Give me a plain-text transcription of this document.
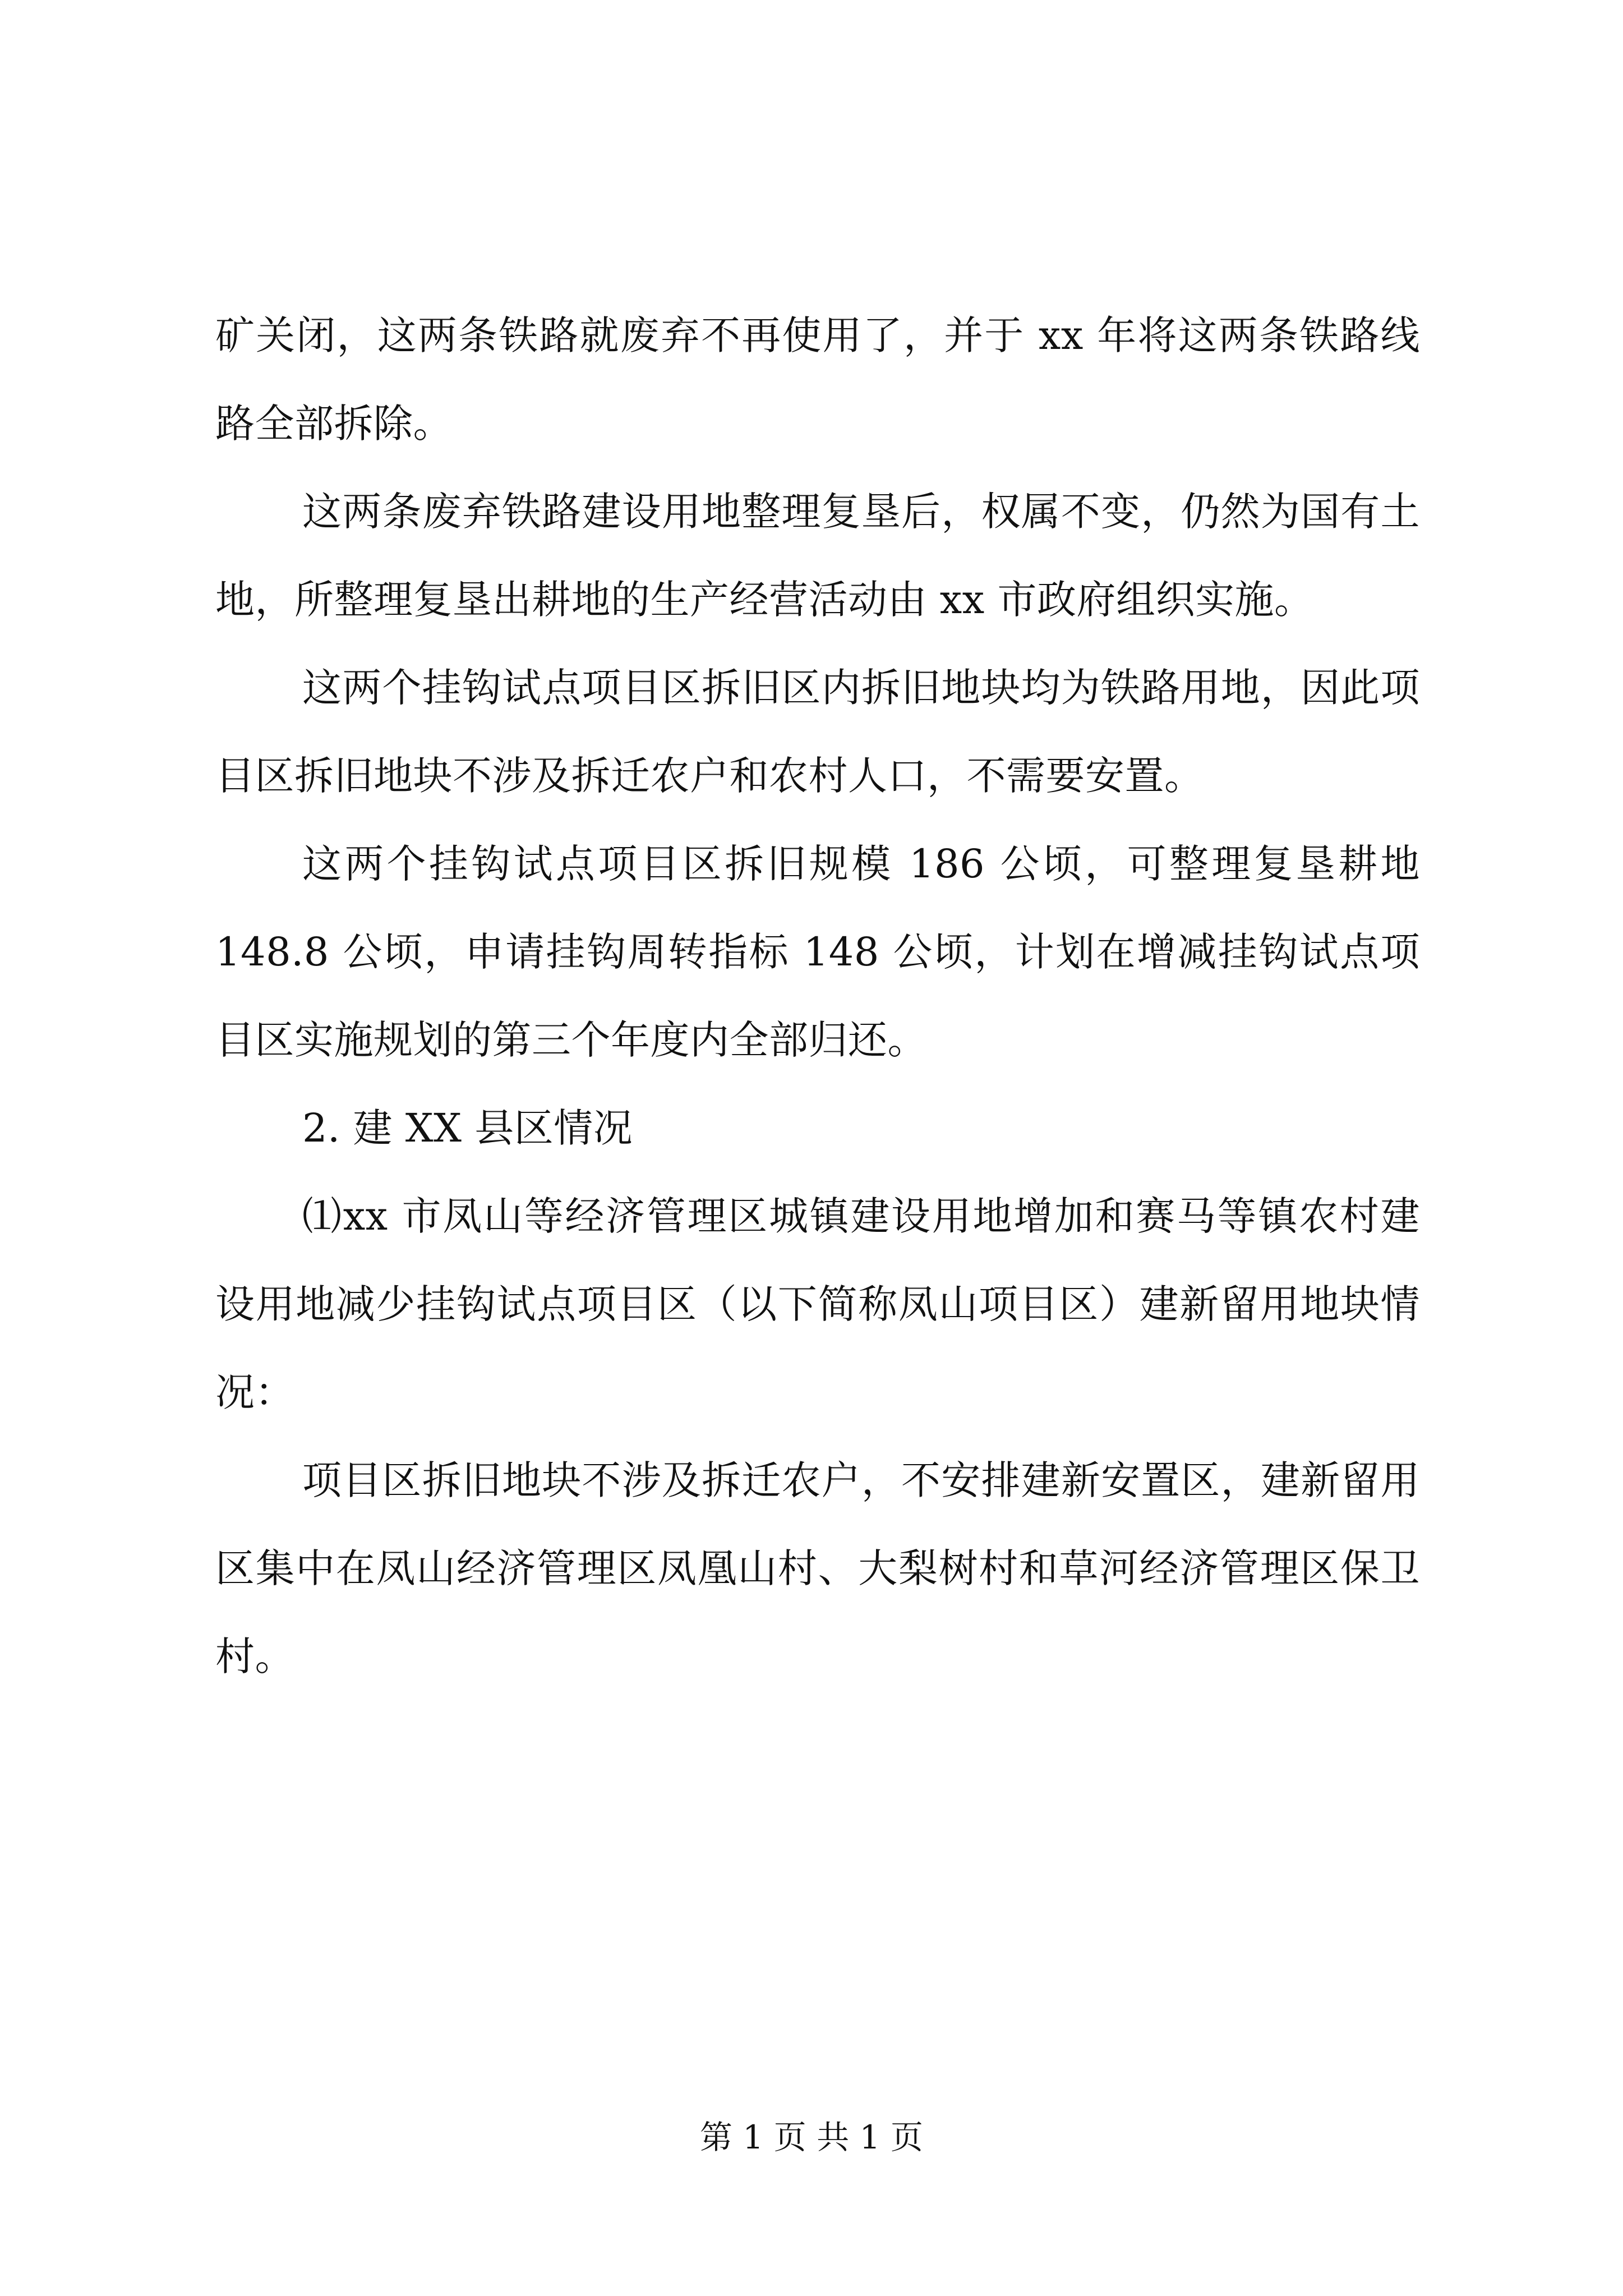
矿关闭，这两条铁路就废弃不再使用了，并于 xx 年将这两条铁路线路全部拆除。

这两条废弃铁路建设用地整理复垦后，权属不变，仍然为国有土地，所整理复垦出耕地的生产经营活动由 xx 市政府组织实施。

这两个挂钩试点项目区拆旧区内拆旧地块均为铁路用地，因此项目区拆旧地块不涉及拆迁农户和农村人口，不需要安置。

这两个挂钩试点项目区拆旧规模 186 公顷，可整理复垦耕地 148.8 公顷，申请挂钩周转指标 148 公顷，计划在增减挂钩试点项目区实施规划的第三个年度内全部归还。

2. 建 XX 县区情况

⑴xx 市凤山等经济管理区城镇建设用地增加和赛马等镇农村建设用地减少挂钩试点项目区（以下简称凤山项目区）建新留用地块情况：

项目区拆旧地块不涉及拆迁农户，不安排建新安置区，建新留用区集中在凤山经济管理区凤凰山村、大梨树村和草河经济管理区保卫村。

第 1 页 共 1 页
